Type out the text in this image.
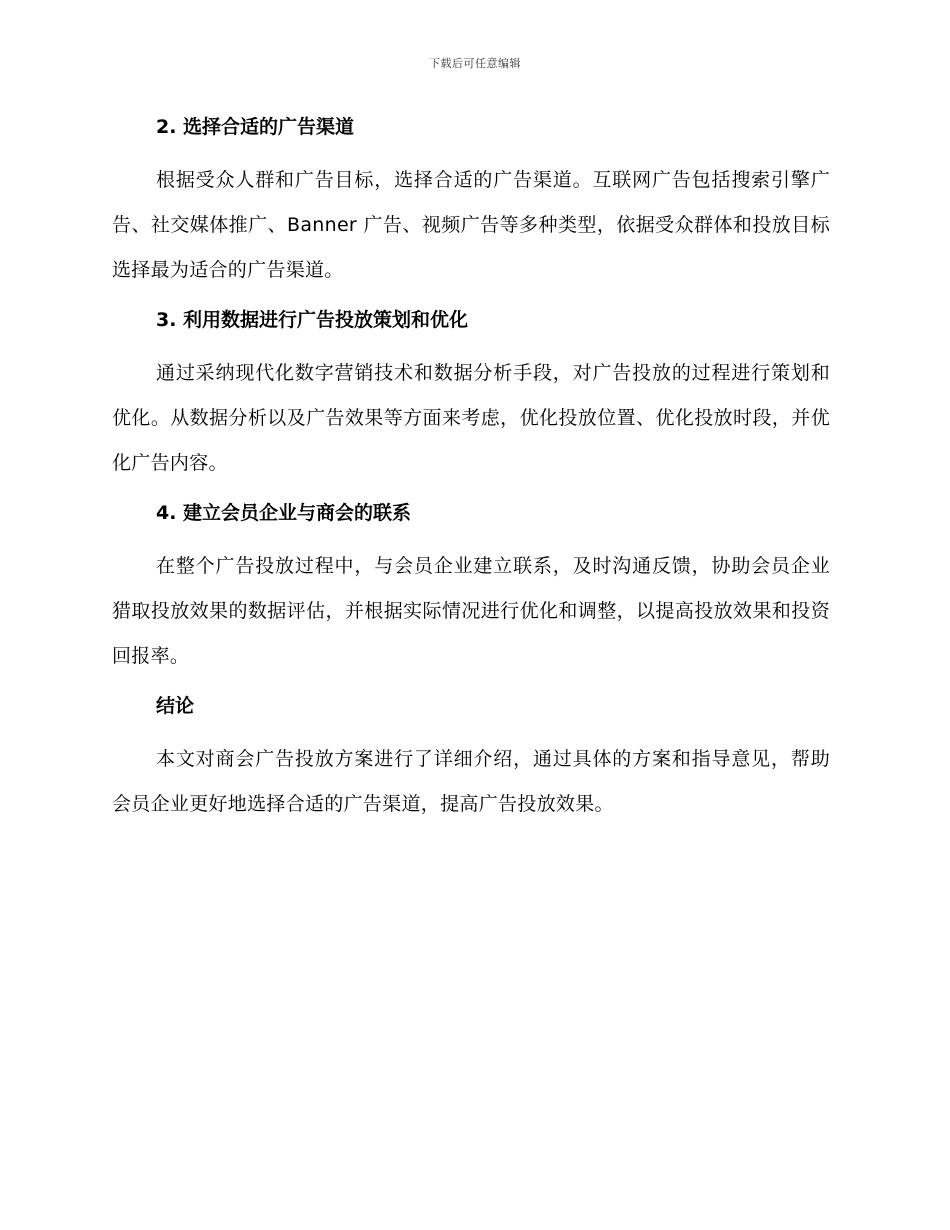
下载后可任意编辑
2. 选择合适的广告渠道
根据受众人群和广告目标，选择合适的广告渠道。互联网广告包括搜索引擎广告、社交媒体推广、Banner 广告、视频广告等多种类型，依据受众群体和投放目标选择最为适合的广告渠道。
3. 利用数据进行广告投放策划和优化
通过采纳现代化数字营销技术和数据分析手段，对广告投放的过程进行策划和优化。从数据分析以及广告效果等方面来考虑，优化投放位置、优化投放时段，并优化广告内容。
4. 建立会员企业与商会的联系
在整个广告投放过程中，与会员企业建立联系，及时沟通反馈，协助会员企业猎取投放效果的数据评估，并根据实际情况进行优化和调整，以提高投放效果和投资回报率。
结论
本文对商会广告投放方案进行了详细介绍，通过具体的方案和指导意见，帮助会员企业更好地选择合适的广告渠道，提高广告投放效果。
